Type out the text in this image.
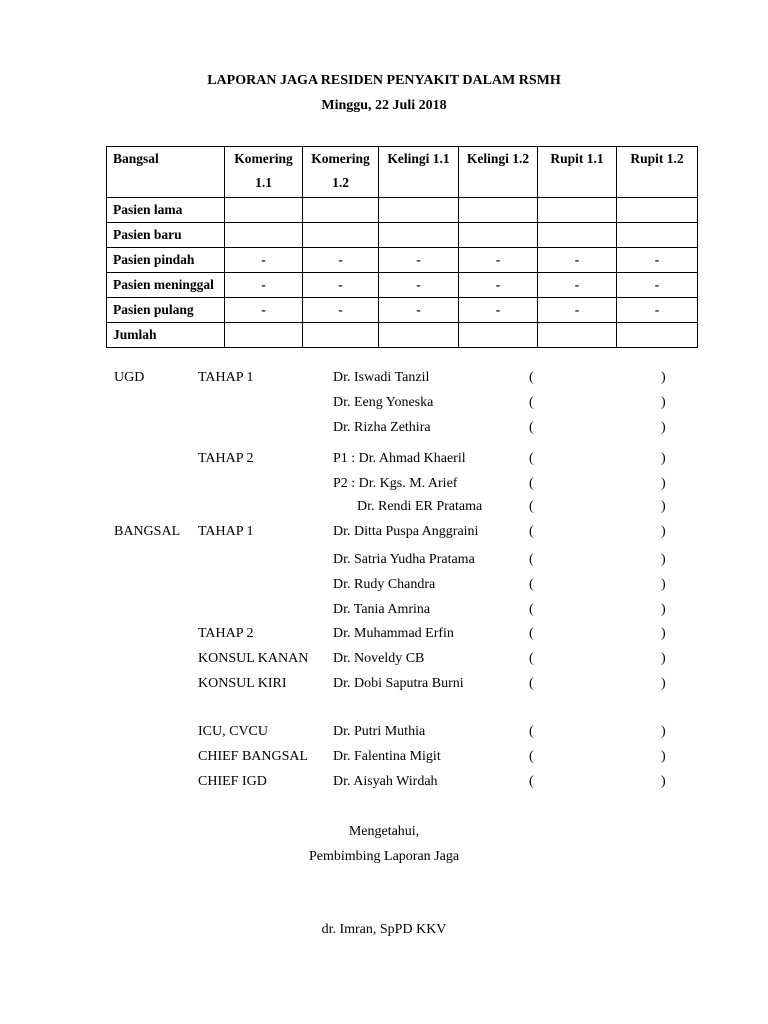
LAPORAN JAGA RESIDEN PENYAKIT DALAM RSMH
Minggu, 22 Juli 2018
Bangsal	Komering 1.1	Komering 1.2	Kelingi 1.1	Kelingi 1.2	Rupit 1.1	Rupit 1.2
Pasien lama						
Pasien baru						
Pasien pindah	-	-	-	-	-	-
Pasien meninggal	-	-	-	-	-	-
Pasien pulang	-	-	-	-	-	-
Jumlah						
UGD	TAHAP 1	Dr. Iswadi Tanzil	(	)
Dr. Eeng Yoneska	(	)
Dr. Rizha Zethira	(	)
TAHAP 2	P1 : Dr. Ahmad Khaeril	(	)
P2 : Dr. Kgs. M. Arief	(	)
Dr. Rendi ER Pratama	(	)
BANGSAL TAHAP 1	Dr. Ditta Puspa Anggraini	(	)
Dr. Satria Yudha Pratama	(	)
Dr. Rudy Chandra	(	)
Dr. Tania Amrina	(	)
TAHAP 2	Dr. Muhammad Erfin	(	)
KONSUL KANAN Dr. Noveldy CB	(	)
KONSUL KIRI	Dr. Dobi Saputra Burni	(	)
ICU, CVCU	Dr. Putri Muthia	(	)
CHIEF BANGSAL Dr. Falentina Migit	(	)
CHIEF IGD	Dr. Aisyah Wirdah	(	)
Mengetahui,
Pembimbing Laporan Jaga
dr. Imran, SpPD KKV
